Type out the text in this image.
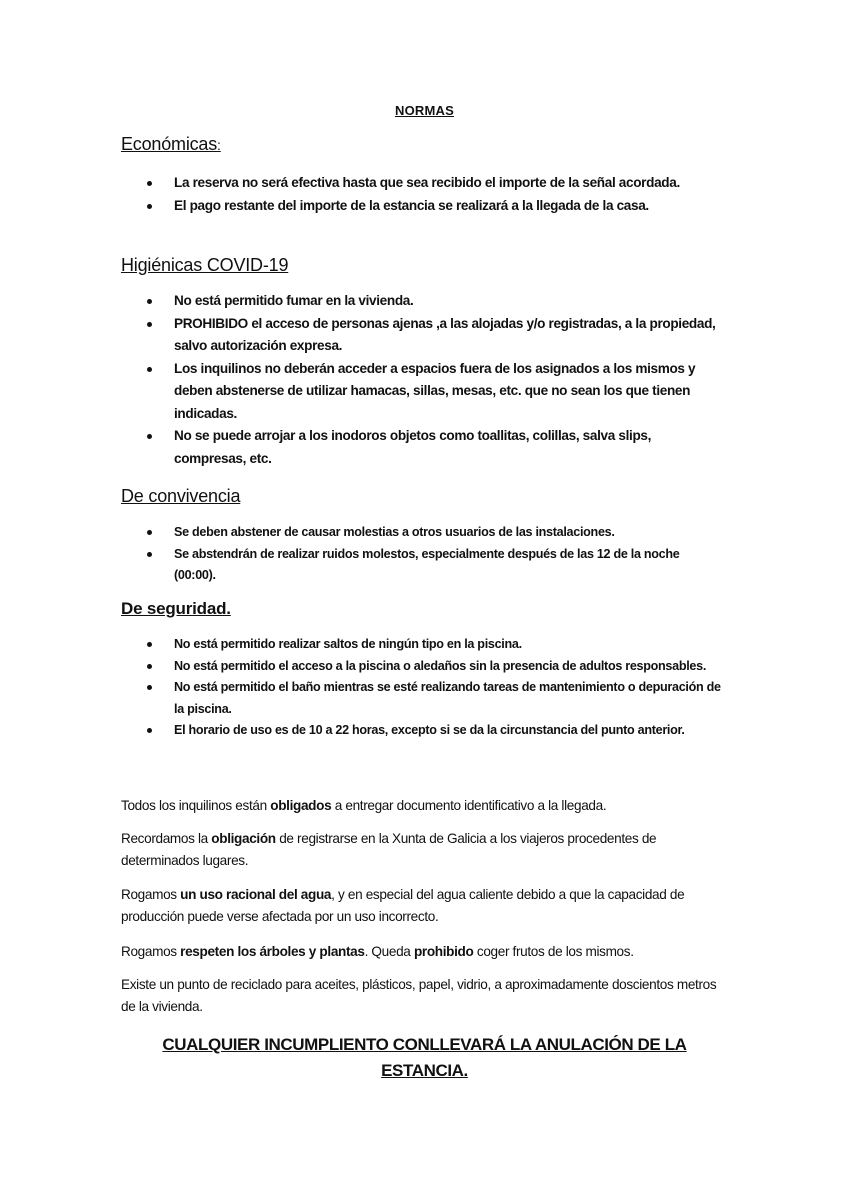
NORMAS
Económicas:
La reserva no será efectiva hasta que sea recibido el importe de la señal acordada.
El pago restante del importe de la estancia se realizará a la llegada de la casa.
Higiénicas COVID-19
No está permitido fumar en la vivienda.
PROHIBIDO el acceso de personas ajenas ,a las alojadas y/o registradas, a la propiedad, salvo autorización expresa.
Los inquilinos no deberán acceder a espacios fuera de los asignados a los mismos y deben abstenerse de utilizar hamacas, sillas, mesas, etc. que no sean los que tienen indicadas.
No se puede arrojar a los inodoros objetos como toallitas, colillas, salva slips, compresas, etc.
De convivencia
Se deben abstener de causar molestias a otros usuarios de las instalaciones.
Se abstendrán de realizar ruidos molestos, especialmente después de las 12 de la noche (00:00).
De seguridad.
No está permitido realizar saltos de ningún tipo en la piscina.
No está permitido el acceso a la piscina o aledaños sin la presencia de adultos responsables.
No está permitido el baño mientras se esté realizando tareas de mantenimiento o depuración de la piscina.
El horario de uso es de 10 a 22 horas, excepto si se da la circunstancia del punto anterior.

Todos los inquilinos están obligados a entregar documento identificativo a la llegada.

Recordamos la obligación de registrarse en la Xunta de Galicia a los viajeros procedentes de determinados lugares.

Rogamos un uso racional del agua, y en especial del agua caliente debido a que la capacidad de producción puede verse afectada por un uso incorrecto.

Rogamos respeten los árboles y plantas. Queda prohibido coger frutos de los mismos.

Existe un punto de reciclado para aceites, plásticos, papel, vidrio, a aproximadamente doscientos metros de la vivienda.

CUALQUIER INCUMPLIENTO CONLLEVARÁ LA ANULACIÓN DE LA ESTANCIA.
